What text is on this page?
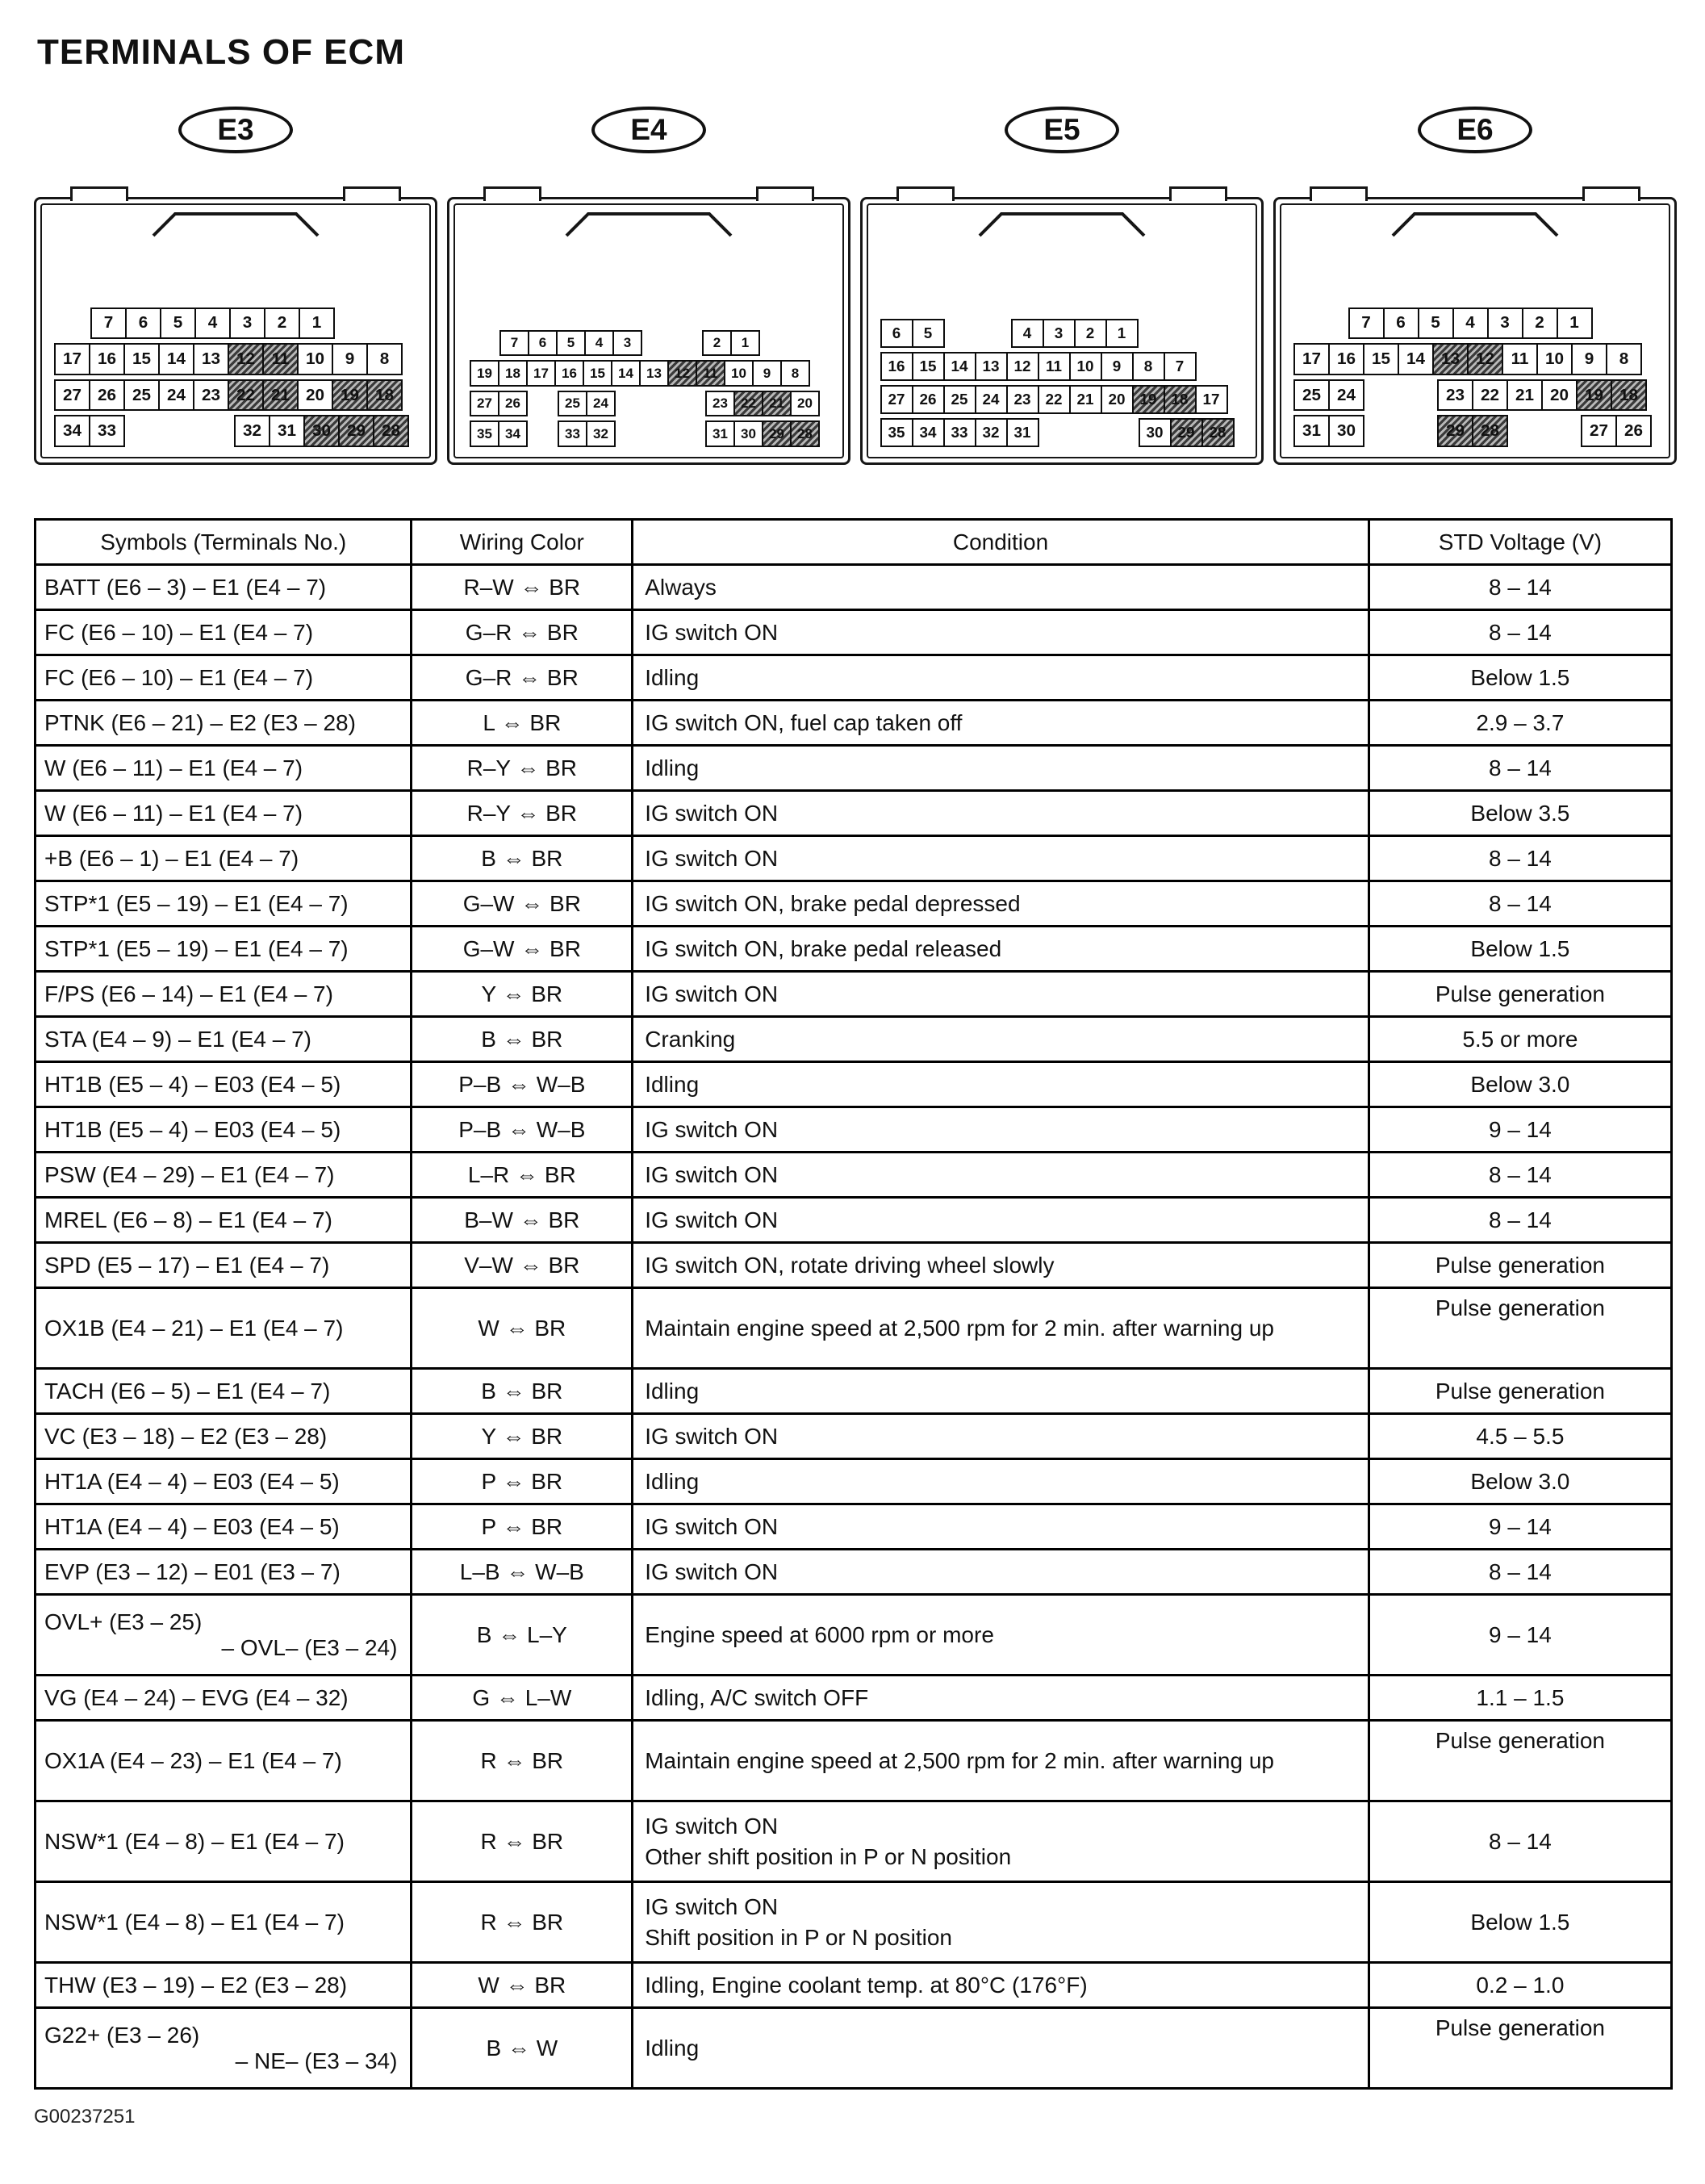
TERMINALS OF ECM
E3
7	6	5	4	3	2	1
17 16 15 14 13 12 11 10	9	8
27 26 25 24 23 22 21 20 19 18
34 33	32 31 30 29 28
E4
7	6	5	4	3	2	1
19 18 17 16 15 14 13 12 11 10	9	8
27 26	25 24	23 22 21 20
35 34	33 32	31 30 29 28
E5
6	5	4	3	2	1
16 15 14 13 12 11 10	9	8	7
27 26 25 24 23 22 21 20 19 18 17
35 34 33 32 31	30 29 28
E6
7	6	5	4	3	2	1
17 16 15 14 13 12 11 10	9	8
25 24	23 22 21 20 19 18
31 30	29 28	27 26
Symbols (Terminals No.)	Wiring Color	Condition	STD Voltage (V)

BATT (E6 – 3) – E1 (E4 – 7)	R–W ⇔ BR	Always	8 – 14

FC (E6 – 10) – E1 (E4 – 7)	G–R ⇔ BR	IG switch ON	8 – 14

FC (E6 – 10) – E1 (E4 – 7)	G–R ⇔ BR	Idling	Below 1.5

PTNK (E6 – 21) – E2 (E3 – 28)	L ⇔ BR	IG switch ON, fuel cap taken off	2.9 – 3.7

W (E6 – 11) – E1 (E4 – 7)	R–Y ⇔ BR	Idling	8 – 14

W (E6 – 11) – E1 (E4 – 7)	R–Y ⇔ BR	IG switch ON	Below 3.5

+B (E6 – 1) – E1 (E4 – 7)	B ⇔ BR	IG switch ON	8 – 14

STP*1 (E5 – 19) – E1 (E4 – 7)	G–W ⇔ BR	IG switch ON, brake pedal depressed	8 – 14

STP*1 (E5 – 19) – E1 (E4 – 7)	G–W ⇔ BR	IG switch ON, brake pedal released	Below 1.5

F/PS (E6 – 14) – E1 (E4 – 7)	Y ⇔ BR	IG switch ON	Pulse generation

STA (E4 – 9) – E1 (E4 – 7)	B ⇔ BR	Cranking	5.5 or more

HT1B (E5 – 4) – E03 (E4 – 5)	P–B ⇔ W–B	Idling	Below 3.0

HT1B (E5 – 4) – E03 (E4 – 5)	P–B ⇔ W–B	IG switch ON	9 – 14

PSW (E4 – 29) – E1 (E4 – 7)	L–R ⇔ BR	IG switch ON	8 – 14

MREL (E6 – 8) – E1 (E4 – 7)	B–W ⇔ BR	IG switch ON	8 – 14

SPD (E5 – 17) – E1 (E4 – 7)	V–W ⇔ BR	IG switch ON, rotate driving wheel slowly	Pulse generation

OX1B (E4 – 21) – E1 (E4 – 7)	W ⇔ BR	Maintain engine speed at 2,500 rpm for 2 min. after warning up	Pulse generation

TACH (E6 – 5) – E1 (E4 – 7)	B ⇔ BR	Idling	Pulse generation

VC (E3 – 18) – E2 (E3 – 28)	Y ⇔ BR	IG switch ON	4.5 – 5.5

HT1A (E4 – 4) – E03 (E4 – 5)	P ⇔ BR	Idling	Below 3.0

HT1A (E4 – 4) – E03 (E4 – 5)	P ⇔ BR	IG switch ON	9 – 14

EVP (E3 – 12) – E01 (E3 – 7)	L–B ⇔ W–B	IG switch ON	8 – 14

OVL+ (E3 – 25)
– OVL– (E3 – 24)	B ⇔ L–Y	Engine speed at 6000 rpm or more	9 – 14

VG (E4 – 24) – EVG (E4 – 32)	G ⇔ L–W	Idling, A/C switch OFF	1.1 – 1.5

OX1A (E4 – 23) – E1 (E4 – 7)	R ⇔ BR	Maintain engine speed at 2,500 rpm for 2 min. after warning up	Pulse generation

NSW*1 (E4 – 8) – E1 (E4 – 7)	R ⇔ BR	IG switch ON
Other shift position in P or N position	8 – 14

NSW*1 (E4 – 8) – E1 (E4 – 7)	R ⇔ BR	IG switch ON
Shift position in P or N position	Below 1.5

THW (E3 – 19) – E2 (E3 – 28)	W ⇔ BR	Idling, Engine coolant temp. at 80°C (176°F)	0.2 – 1.0

G22+ (E3 – 26)
– NE– (E3 – 34)	B ⇔ W	Idling	Pulse generation
G00237251
